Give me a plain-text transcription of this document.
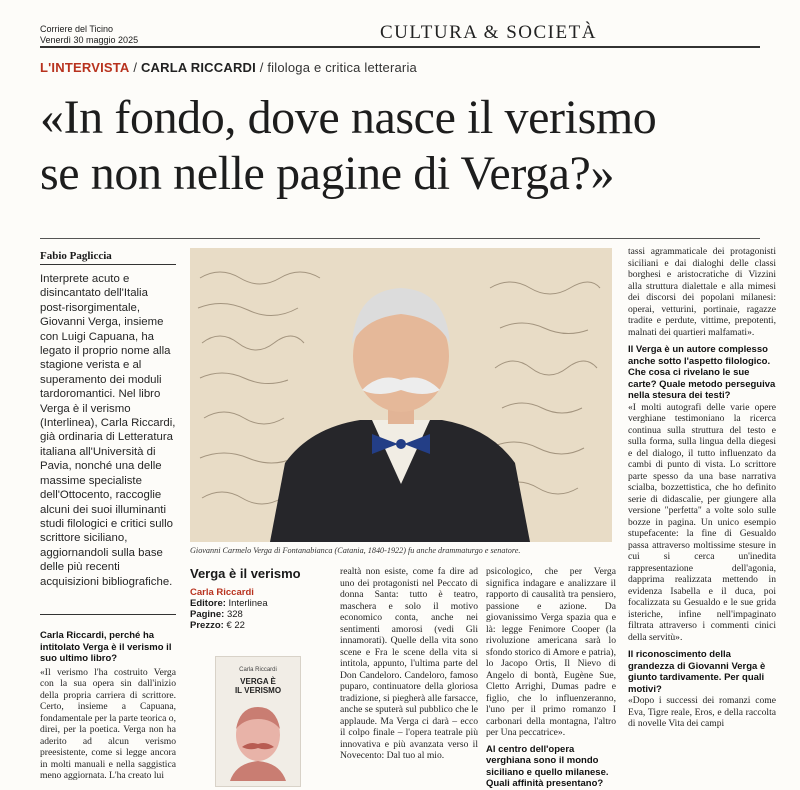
Corriere del Ticino
Venerdì 30 maggio 2025	CULTURA & SOCIETÀ
L'INTERVISTA / CARLA RICCARDI / filologa e critica letteraria
«In fondo, dove nasce il verismo
se non nelle pagine di Verga?»
Fabio Pagliccia
Interprete acuto e disincantato dell'Italia post-risorgimentale, Giovanni Verga, insieme con Luigi Capuana, ha legato il proprio nome alla stagione verista e al superamento dei moduli tardoromantici. Nel libro Verga è il verismo (Interlinea), Carla Riccardi, già ordinaria di Letteratura italiana all'Università di Pavia, nonché una delle massime specialiste dell'Ottocento, raccoglie alcuni dei suoi illuminanti studi filologici e critici sullo scrittore siciliano, aggiornandoli sulla base delle più recenti acquisizioni bibliografiche.
Carla Riccardi, perché ha intitolato Verga è il verismo il suo ultimo libro?
«Il verismo l'ha costruito Verga con la sua opera sin dall'inizio della propria carriera di scrittore. Certo, insieme a Capuana, fondamentale per la parte teorica o, direi, per la poetica. Verga non ha aderito ad alcun verismo preesistente, come si legge ancora in molti manuali e nella saggistica meno aggiornata. L'ha creato lui
Giovanni Carmelo Verga di Fontanabianca (Catania, 1840-1922) fu anche drammaturgo e senatore.
Verga è il verismo
Carla Riccardi
Editore: Interlinea
Pagine: 328
Prezzo: € 22
Carla Riccardi
VERGA È
IL VERISMO
realtà non esiste, come fa dire ad uno dei protagonisti nel Peccato di donna Santa: tutto è teatro, maschera e solo il motivo economico conta, anche nei sentimenti amorosi (vedi Gli innamorati). Quelle della vita sono scene e Fra le scene della vita si intitola, appunto, l'ultima parte del Don Candeloro. Candeloro, famoso puparo, continuatore della gloriosa tradizione, si piegherà alle farsacce, anche se sputerà sul pubblico che le applaude. Ma Verga ci darà – ecco il colpo finale – l'opera teatrale più innovativa e più avanzata verso il Novecento: Dal tuo al mio.
psicologico, che per Verga significa indagare e analizzare il rapporto di causalità tra pensiero, passione e azione. Da giovanissimo Verga spazia qua e là: legge Fenimore Cooper (la rivoluzione americana sarà lo sfondo storico di Amore e patria), lo Jacopo Ortis, Il Nievo di Angelo di bontà, Eugène Sue, Cletto Arrighi, Dumas padre e figlio, che lo influenzeranno, l'uno per il primo romanzo I carbonari della montagna, l'altro per Una peccatrice».
Al centro dell'opera verghiana sono il mondo siciliano e quello milanese. Quali affinità presentano?
tassi agrammaticale dei protagonisti siciliani e dai dialoghi delle classi borghesi e aristocratiche di Vizzini alla struttura dialettale e alla mimesi dei discorsi dei popolani milanesi: operai, vetturini, portinaie, ragazze tradite e perdute, vittime, prepotenti, malnati dei quartieri malfamati».
Il Verga è un autore complesso anche sotto l'aspetto filologico. Che cosa ci rivelano le sue carte? Quale metodo perseguiva nella stesura dei testi?
«I molti autografi delle varie opere verghiane testimoniano la ricerca continua sulla struttura del testo e sulla forma, sulla lingua della diegesi e del dialogo, il tutto influenzato da cambi di punto di vista. Lo scrittore parte spesso da una base narrativa scialba, bozzettistica, che ho definito serie di didascalie, per giungere alla versione "perfetta" a volte solo sulle bozze in pagina. Un unico esempio stupefacente: la fine di Gesualdo passa attraverso moltissime stesure in cui si cerca un'inedita rappresentazione dell'agonia, dapprima realizzata mettendo in evidenza Isabella e il duca, poi focalizzata su Gesualdo e le sue grida isteriche, infine nell'impaginato filtrata attraverso i commenti cinici della servitù».
Il riconoscimento della grandezza di Giovanni Verga è giunto tardivamente. Per quali motivi?
«Dopo i successi dei romanzi come Eva, Tigre reale, Eros, e della raccolta di novelle Vita dei campi
